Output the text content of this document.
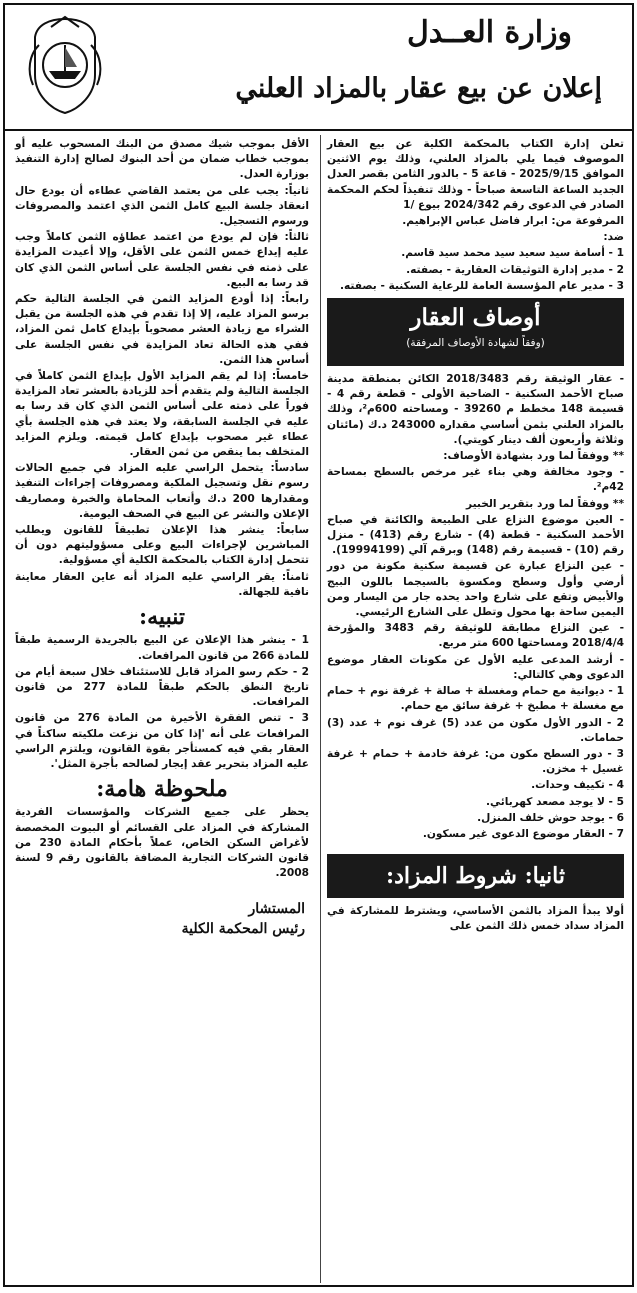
وزارة العــدل
إعلان عن بيع عقار بالمزاد العلني

تعلن إدارة الكتاب بالمحكمة الكلية عن بيع العقار الموصوف فيما يلي بالمزاد العلني، وذلك يوم الاثنين الموافق 2025/9/15 - قاعة 5 - بالدور الثامن بقصر العدل الجديد الساعة التاسعة صباحاً - وذلك تنفيذاً لحكم المحكمة الصادر في الدعوى رقم 2024/342 بيوع /1

المرفوعة من: ابرار فاضل عباس الإبراهيم.

ضد:

1 - أسامة سيد سعيد سيد محمد سيد قاسم.

2 - مدير إدارة التوثيقات العقارية - بصفته.

3 - مدير عام المؤسسة العامة للرعاية السكنية - بصفته.

أوصاف العقار
(وفقاً لشهادة الأوصاف المرفقة)

- عقار الوثيقة رقم 2018/3483 الكائن بمنطقة مدينة صباح الأحمد السكنية - الضاحية الأولى - قطعة رقم 4 - قسيمة 148 مخطط م 39260 - ومساحته 600م²، وذلك بالمزاد العلني بثمن أساسي مقداره 243000 د.ك (مائتان وثلاثة وأربعون ألف دينار كويتي).

** ووفقاً لما ورد بشهادة الأوصاف:

- وجود مخالفة وهي بناء غير مرخص بالسطح بمساحة 42م².

** ووفقاً لما ورد بتقرير الخبير

- العين موضوع النزاع على الطبيعة والكائنة في صباح الأحمد السكنية - قطعة (4) - شارع رقم (413) - منزل رقم (10) - قسيمة رقم (148) وبرقم آلي (19994199).

- عين النزاع عبارة عن قسيمة سكنية مكونة من دور أرضي وأول وسطح ومكسوة بالسيجما باللون البيج والأبيض وتقع على شارع واحد يحده جار من اليسار ومن اليمين ساحة بها محول وتطل على الشارع الرئيسي.

- عين النزاع مطابقة للوثيقة رقم 3483 والمؤرخة 2018/4/4 ومساحتها 600 متر مربع.

- أرشد المدعى عليه الأول عن مكونات العقار موضوع الدعوى وهي كالتالي:

1 - ديوانية مع حمام ومغسلة + صالة + غرفة نوم + حمام مع مغسلة + مطبخ + غرفة سائق مع حمام.

2 - الدور الأول مكون من عدد (5) غرف نوم + عدد (3) حمامات.

3 - دور السطح مكون من: غرفة خادمة + حمام + غرفة غسيل + مخزن.

4 - تكييف وحدات.

5 - لا يوجد مصعد كهربائي.

6 - يوجد حوش خلف المنزل.

7 - العقار موضوع الدعوى غير مسكون.

ثانيا: شروط المزاد:

أولا يبدأ المزاد بالثمن الأساسي، ويشترط للمشاركة في المزاد سداد خمس ذلك الثمن على

الأقل بموجب شيك مصدق من البنك المسحوب عليه أو بموجب خطاب ضمان من أحد البنوك لصالح إدارة التنفيذ بوزارة العدل.

ثانياً: يجب على من يعتمد القاضي عطاءه أن يودع حال انعقاد جلسة البيع كامل الثمن الذي اعتمد والمصروفات ورسوم التسجيل.

ثالثاً: فإن لم يودع من اعتمد عطاؤه الثمن كاملاً وجب عليه إيداع خمس الثمن على الأقل، وإلا أعيدت المزايدة على ذمته في نفس الجلسة على أساس الثمن الذي كان قد رسا به البيع.

رابعاً: إذا أودع المزايد الثمن في الجلسة التالية حكم برسو المزاد عليه، إلا إذا تقدم في هذه الجلسة من يقبل الشراء مع زيادة العشر مصحوباً بإيداع كامل ثمن المزاد، ففي هذه الحالة تعاد المزايدة في نفس الجلسة على أساس هذا الثمن.

خامساً: إذا لم يقم المزايد الأول بإيداع الثمن كاملاً في الجلسة التالية ولم يتقدم أحد للزيادة بالعشر تعاد المزايدة فوراً على ذمته على أساس الثمن الذي كان قد رسا به عليه في الجلسة السابقة، ولا يعتد في هذه الجلسة بأي عطاء غير مصحوب بإيداع كامل قيمته. ويلزم المزايد المتخلف بما ينقص من ثمن العقار.

سادساً: يتحمل الراسي عليه المزاد في جميع الحالات رسوم نقل وتسجيل الملكية ومصروفات إجراءات التنفيذ ومقدارها 200 د.ك وأتعاب المحاماة والخبرة ومصاريف الإعلان والنشر عن البيع في الصحف اليومية.

سابعاً: ينشر هذا الإعلان تطبيقاً للقانون ويطلب المباشرين لإجراءات البيع وعلى مسؤوليتهم دون أن تتحمل إدارة الكتاب بالمحكمة الكلية أي مسؤولية.

ثامناً: يقر الراسي عليه المزاد أنه عاين العقار معاينة نافية للجهالة.

تنبيه:

1 - ينشر هذا الإعلان عن البيع بالجريدة الرسمية طبقاً للمادة 266 من قانون المرافعات.

2 - حكم رسو المزاد قابل للاستئناف خلال سبعة أيام من تاريخ النطق بالحكم طبقاً للمادة 277 من قانون المرافعات.

3 - تنص الفقرة الأخيرة من المادة 276 من قانون المرافعات على أنه 'إذا كان من نزعت ملكيته ساكناً في العقار بقي فيه كمستأجر بقوة القانون، ويلتزم الراسي عليه المزاد بتحرير عقد إيجار لصالحه بأجرة المثل'.

ملحوظة هامة:

يحظر على جميع الشركات والمؤسسات الفردية المشاركة في المزاد على القسائم أو البيوت المخصصة لأغراض السكن الخاص، عملاً بأحكام المادة 230 من قانون الشركات التجارية المضافة بالقانون رقم 9 لسنة 2008.

المستشار
رئيس المحكمة الكلية
